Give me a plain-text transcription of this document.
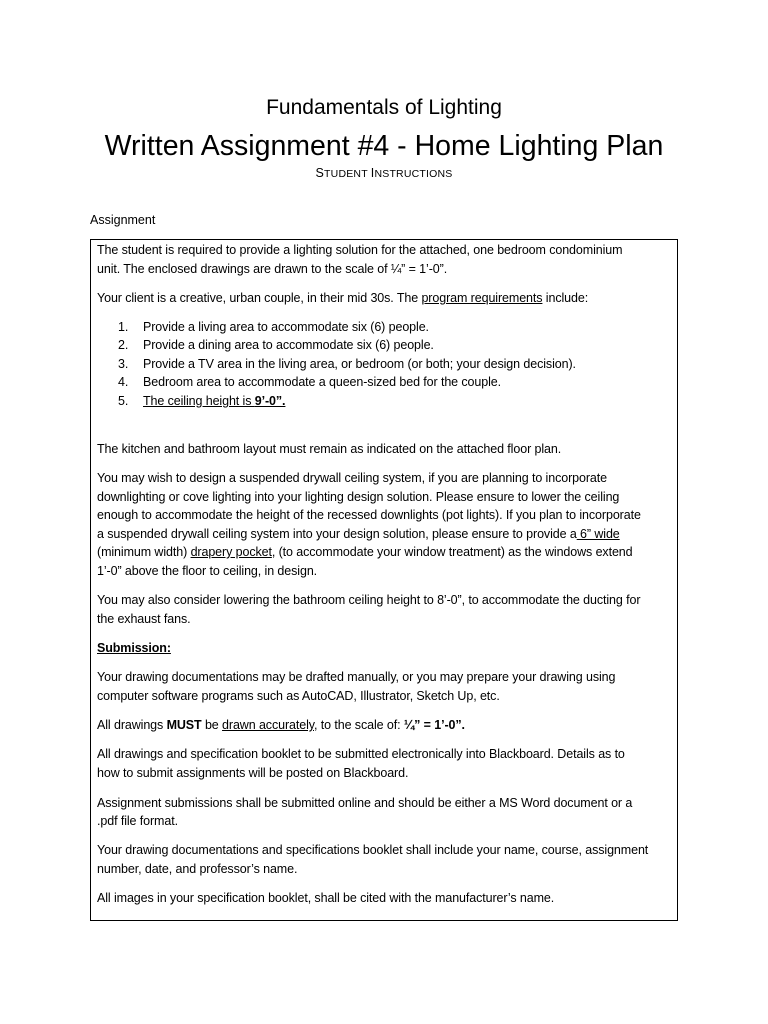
Fundamentals of Lighting
Written Assignment #4 - Home Lighting Plan
STUDENT INSTRUCTIONS
Assignment
The student is required to provide a lighting solution for the attached, one bedroom condominium
unit. The enclosed drawings are drawn to the scale of ¼” = 1’-0”.
Your client is a creative, urban couple, in their mid 30s. The program requirements include:
1. Provide a living area to accommodate six (6) people.
2. Provide a dining area to accommodate six (6) people.
3. Provide a TV area in the living area, or bedroom (or both; your design decision).
4. Bedroom area to accommodate a queen-sized bed for the couple.
5. The ceiling height is 9’-0”.
The kitchen and bathroom layout must remain as indicated on the attached floor plan.
You may wish to design a suspended drywall ceiling system, if you are planning to incorporate
downlighting or cove lighting into your lighting design solution. Please ensure to lower the ceiling
enough to accommodate the height of the recessed downlights (pot lights). If you plan to incorporate
a suspended drywall ceiling system into your design solution, please ensure to provide a 6” wide
(minimum width) drapery pocket, (to accommodate your window treatment) as the windows extend
1’-0” above the floor to ceiling, in design.
You may also consider lowering the bathroom ceiling height to 8’-0”, to accommodate the ducting for
the exhaust fans.
Submission:
Your drawing documentations may be drafted manually, or you may prepare your drawing using
computer software programs such as AutoCAD, Illustrator, Sketch Up, etc.
All drawings MUST be drawn accurately, to the scale of: ¼” = 1’-0”.
All drawings and specification booklet to be submitted electronically into Blackboard. Details as to
how to submit assignments will be posted on Blackboard.
Assignment submissions shall be submitted online and should be either a MS Word document or a
.pdf file format.
Your drawing documentations and specifications booklet shall include your name, course, assignment
number, date, and professor’s name.
All images in your specification booklet, shall be cited with the manufacturer’s name.
